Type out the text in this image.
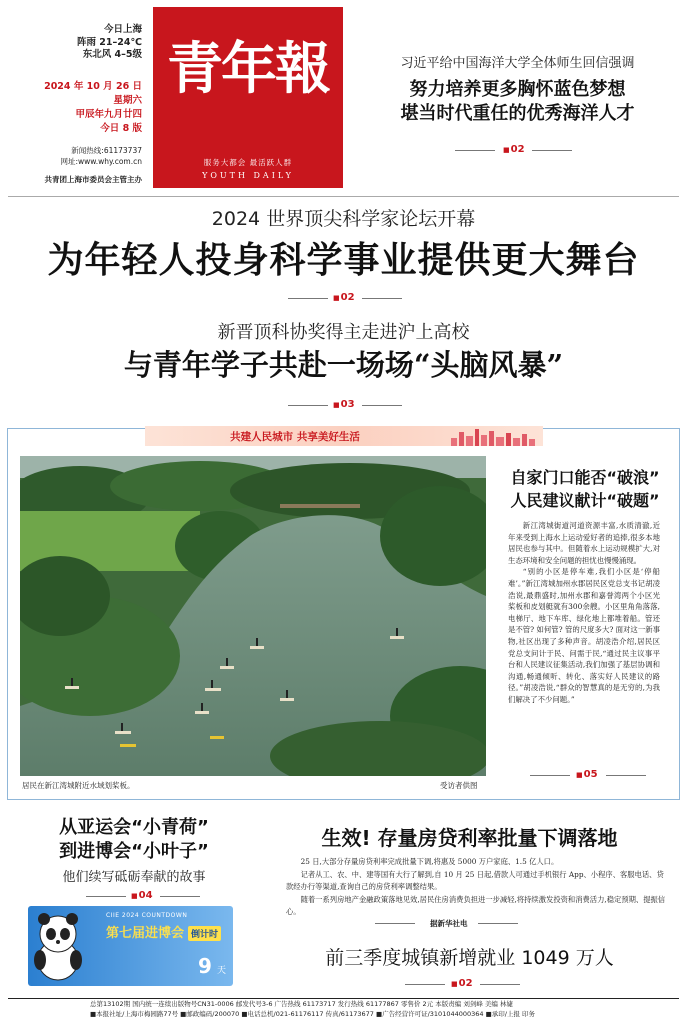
今日上海
阵雨 21–24℃
东北风 4–5级
2024 年 10 月 26 日
星期六
甲辰年九月廿四
今日 8 版
新闻热线:61173737
网址:www.why.com.cn
共青团上海市委员会主管主办
青年報
服务大都会 最活跃人群
YOUTH DAILY
习近平给中国海洋大学全体师生回信强调
努力培养更多胸怀蓝色梦想
堪当时代重任的优秀海洋人才
■ 02
2024 世界顶尖科学家论坛开幕
为年轻人投身科学事业提供更大舞台
■ 02
新晋顶科协奖得主走进沪上高校
与青年学子共赴一场场“头脑风暴”
■ 03
共建人民城市 共享美好生活
居民在新江湾城附近水域划桨板。	受访者供图
自家门口能否“破浪”
人民建议献计“破题”

新江湾城街道河道资源丰富,水质清澈,近年来受到上海水上运动爱好者的追捧,很多本地居民也参与其中。但随着水上运动规模扩大,对生态环境和安全问题的担忧也慢慢涌现。

“别的小区是停车难,我们小区是‘停船难’。”新江湾城加州水郡居民区党总支书记胡凌浩说,最鼎盛时,加州水郡和嘉誉湾两个小区光桨板和皮划艇就有300余艘。小区里角角落落,电梯厅、地下车库、绿化地上都堆着船。管还是不管? 如何管? 管的尺度多大? 面对这一新事物,社区出现了多种声音。胡凌浩介绍,居民区党总支问计于民、问需于民,“通过民主议事平台和人民建议征集活动,我们加强了基层协调和沟通,畅通倾听、转化、落实好人民建议的路径。”胡凌浩说,“群众的智慧真的是无穷的,为我们解决了不少问题。”

■ 05
从亚运会“小青荷”
到进博会“小叶子”
他们续写砥砺奉献的故事
■ 04
CIIE 2024 COUNTDOWN
第七届进博会 倒计时
9 天
生效! 存量房贷利率批量下调落地

25 日,大部分存量房贷利率完成批量下调,将惠及 5000 万户家庭、1.5 亿人口。

记者从工、农、中、建等国有大行了解到,自 10 月 25 日起,借款人可通过手机银行 App、小程序、客服电话、贷款经办行等渠道,查询自己的房贷利率调整结果。

随着一系列房地产金融政策落地见效,居民住房消费负担进一步减轻,将持续激发投资和消费活力,稳定预期、提振信心。

据新华社电
前三季度城镇新增就业 1049 万人
■ 02
总第13102期 国内统一连续出版物号CN31-0006 邮发代号3-6 广告热线 61173717 发行热线 61177867 零售价 2元 本版责编 刘剑峰 美编 林婕
■本报社址/上海市梅园路77号 ■邮政编码/200070 ■电话总机/021-61176117 传真/61173677 ■广告经营许可证/3101044000364 ■承印/上报 印务
